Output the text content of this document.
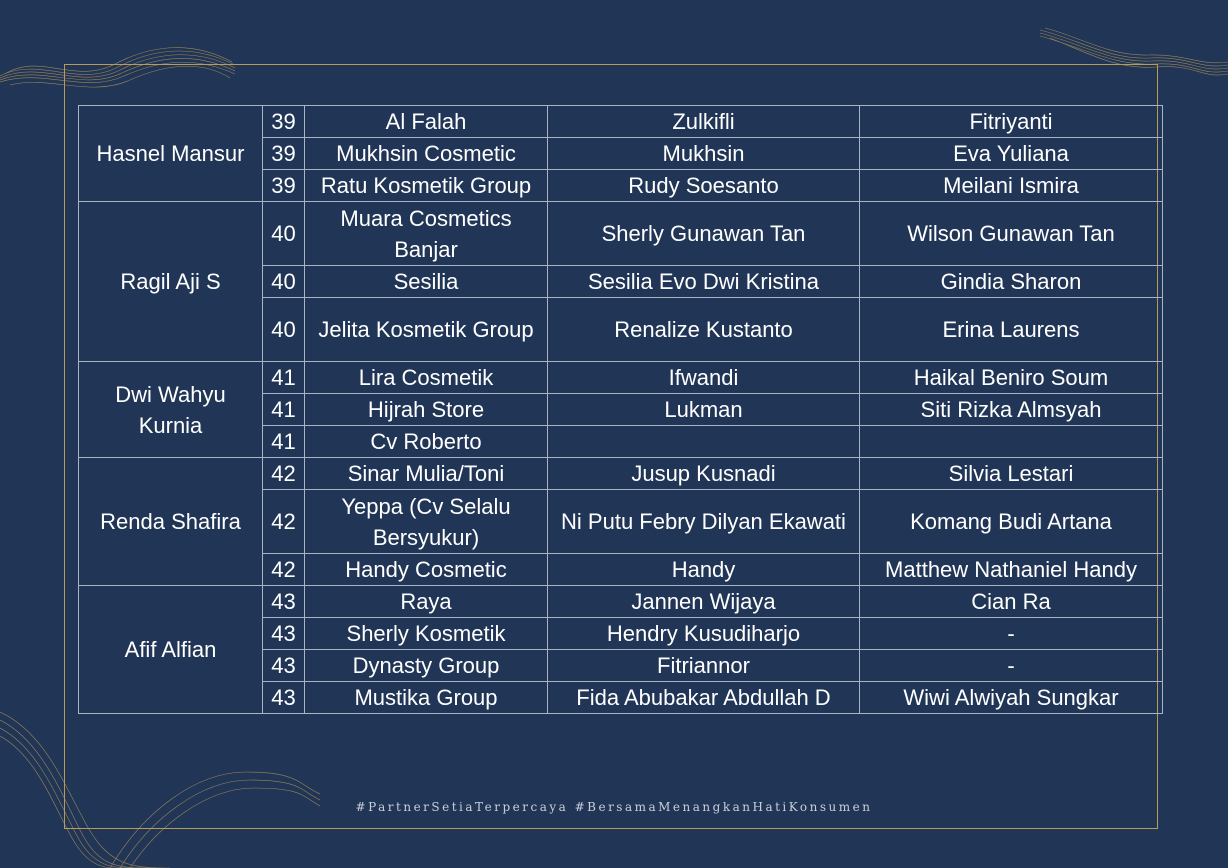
Hasnel Mansur	39	Al Falah	Zulkifli	Fitriyanti
	39	Mukhsin Cosmetic	Mukhsin	Eva Yuliana
	39	Ratu Kosmetik Group	Rudy Soesanto	Meilani Ismira
Ragil Aji S	40	Muara Cosmetics Banjar	Sherly Gunawan Tan	Wilson Gunawan Tan
	40	Sesilia	Sesilia Evo Dwi Kristina	Gindia Sharon
	40	Jelita Kosmetik Group	Renalize Kustanto	Erina Laurens
Dwi Wahyu Kurnia	41	Lira Cosmetik	Ifwandi	Haikal Beniro Soum
	41	Hijrah Store	Lukman	Siti Rizka Almsyah
	41	Cv Roberto		
Renda Shafira	42	Sinar Mulia/Toni	Jusup Kusnadi	Silvia Lestari
	42	Yeppa (Cv Selalu Bersyukur)	Ni Putu Febry Dilyan Ekawati	Komang Budi Artana
	42	Handy Cosmetic	Handy	Matthew Nathaniel Handy
Afif Alfian	43	Raya	Jannen Wijaya	Cian Ra
	43	Sherly Kosmetik	Hendry Kusudiharjo	-
	43	Dynasty Group	Fitriannor	-
	43	Mustika Group	Fida Abubakar Abdullah D	Wiwi Alwiyah Sungkar
#PartnerSetiaTerpercaya #BersamaMenangkanHatiKonsumen
